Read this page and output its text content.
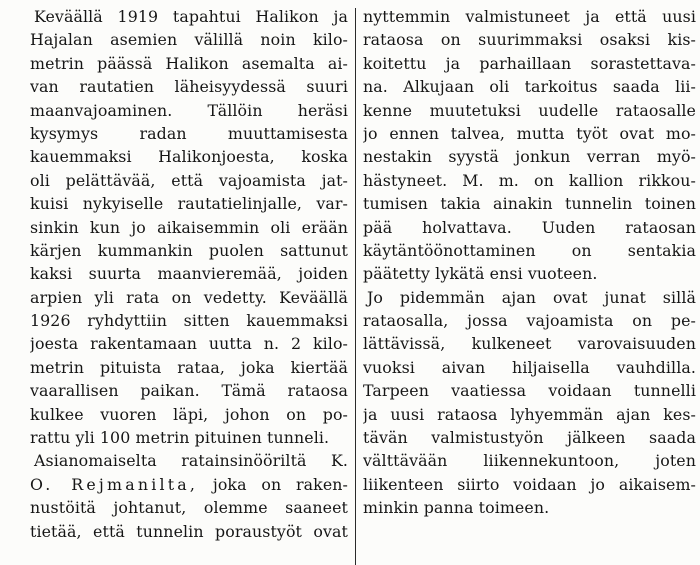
Keväällä 1919 tapahtui Halikon ja
Hajalan asemien välillä noin kilo-
metrin päässä Halikon asemalta ai-
van rautatien läheisyydessä suuri
maanvajoaminen. Tällöin heräsi
kysymys radan muuttamisesta
kauemmaksi Halikonjoesta, koska
oli pelättävää, että vajoamista jat-
kuisi nykyiselle rautatielinjalle, var-
sinkin kun jo aikaisemmin oli erään
kärjen kummankin puolen sattunut
kaksi suurta maanvieremää, joiden
arpien yli rata on vedetty. Keväällä
1926 ryhdyttiin sitten kauemmaksi
joesta rakentamaan uutta n. 2 kilo-
metrin pituista rataa, joka kiertää
vaarallisen paikan. Tämä rataosa
kulkee vuoren läpi, johon on po-
rattu yli 100 metrin pituinen tunneli.
Asianomaiselta ratainsinööriltä K.
O. Rejmanilta, joka on raken-
nustöitä johtanut, olemme saaneet
tietää, että tunnelin poraustyöt ovat
nyttemmin valmistuneet ja että uusi
rataosa on suurimmaksi osaksi kis-
koitettu ja parhaillaan sorastettava-
na. Alkujaan oli tarkoitus saada lii-
kenne muutetuksi uudelle rataosalle
jo ennen talvea, mutta työt ovat mo-
nestakin syystä jonkun verran myö-
hästyneet. M. m. on kallion rikkou-
tumisen takia ainakin tunnelin toinen
pää holvattava. Uuden rataosan
käytäntöönottaminen on sentakia
päätetty lykätä ensi vuoteen.
Jo pidemmän ajan ovat junat sillä
rataosalla, jossa vajoamista on pe-
lättävissä, kulkeneet varovaisuuden
vuoksi aivan hiljaisella vauhdilla.
Tarpeen vaatiessa voidaan tunnelli
ja uusi rataosa lyhyemmän ajan kes-
tävän valmistustyön jälkeen saada
välttävään liikennekuntoon, joten
liikenteen siirto voidaan jo aikaisem-
minkin panna toimeen.
